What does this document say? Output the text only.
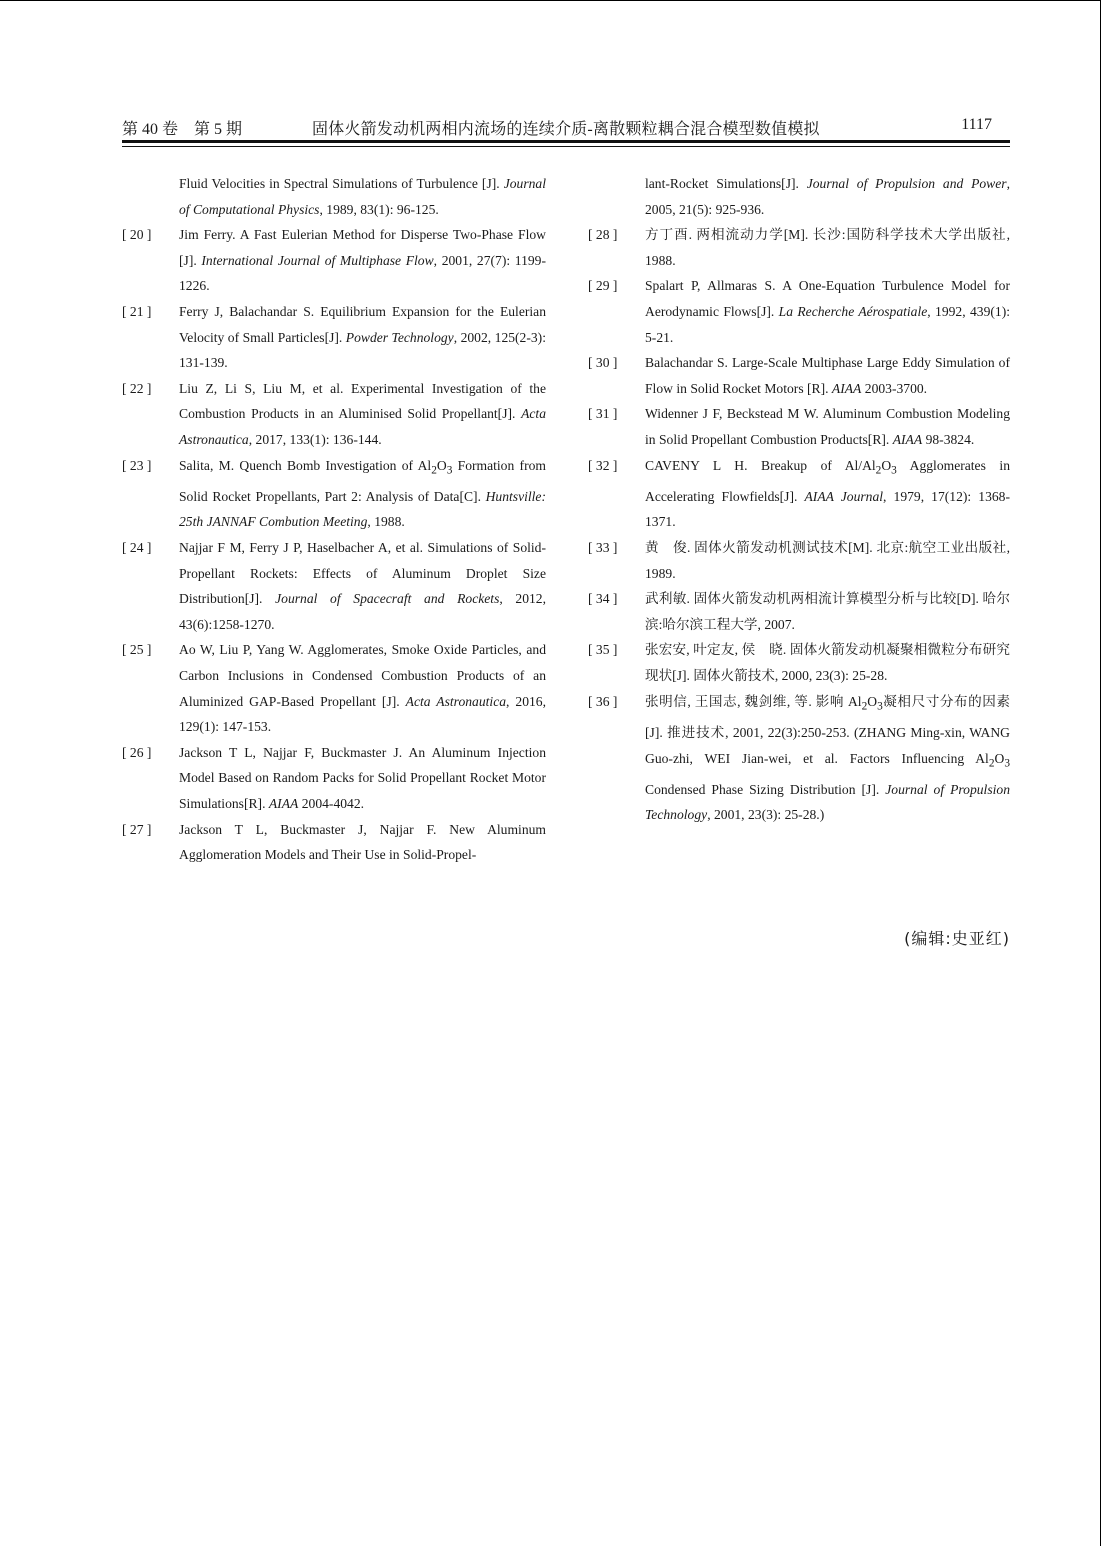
第 40 卷　第 5 期	固体火箭发动机两相内流场的连续介质-离散颗粒耦合混合模型数值模拟	1117
Fluid Velocities in Spectral Simulations of Turbulence [J]. Journal of Computational Physics, 1989, 83(1): 96-125.
[ 20 ] Jim Ferry. A Fast Eulerian Method for Disperse Two-Phase Flow [J]. International Journal of Multiphase Flow, 2001, 27(7): 1199-1226.
[ 21 ] Ferry J, Balachandar S. Equilibrium Expansion for the Eulerian Velocity of Small Particles[J]. Powder Technology, 2002, 125(2-3): 131-139.
[ 22 ] Liu Z, Li S, Liu M, et al. Experimental Investigation of the Combustion Products in an Aluminised Solid Propellant[J]. Acta Astronautica, 2017, 133(1): 136-144.
[ 23 ] Salita, M. Quench Bomb Investigation of $Al_2O_3$ Formation from Solid Rocket Propellants, Part 2: Analysis of Data[C]. Huntsville: 25th JANNAF Combution Meeting, 1988.
[ 24 ] Najjar F M, Ferry J P, Haselbacher A, et al. Simulations of Solid-Propellant Rockets: Effects of Aluminum Droplet Size Distribution[J]. Journal of Spacecraft and Rockets, 2012, 43(6):1258-1270.
[ 25 ] Ao W, Liu P, Yang W. Agglomerates, Smoke Oxide Particles, and Carbon Inclusions in Condensed Combustion Products of an Aluminized GAP-Based Propellant [J]. Acta Astronautica, 2016, 129(1): 147-153.
[ 26 ] Jackson T L, Najjar F, Buckmaster J. An Aluminum Injection Model Based on Random Packs for Solid Propellant Rocket Motor Simulations[R]. AIAA 2004-4042.
[ 27 ] Jackson T L, Buckmaster J, Najjar F. New Aluminum Agglomeration Models and Their Use in Solid-Propel-
lant-Rocket Simulations[J]. Journal of Propulsion and Power, 2005, 21(5): 925-936.
[ 28 ] 方丁酉. 两相流动力学[M]. 长沙:国防科学技术大学出版社, 1988.
[ 29 ] Spalart P, Allmaras S. A One-Equation Turbulence Model for Aerodynamic Flows[J]. La Recherche Aérospatiale, 1992, 439(1): 5-21.
[ 30 ] Balachandar S. Large-Scale Multiphase Large Eddy Simulation of Flow in Solid Rocket Motors [R]. AIAA 2003-3700.
[ 31 ] Widenner J F, Beckstead M W. Aluminum Combustion Modeling in Solid Propellant Combustion Products[R]. AIAA 98-3824.
[ 32 ] CAVENY L H. Breakup of $Al/Al_2O_3$ Agglomerates in Accelerating Flowfields[J]. AIAA Journal, 1979, 17(12): 1368-1371.
[ 33 ] 黄　俊. 固体火箭发动机测试技术[M]. 北京:航空工业出版社, 1989.
[ 34 ] 武利敏. 固体火箭发动机两相流计算模型分析与比较[D]. 哈尔滨:哈尔滨工程大学, 2007.
[ 35 ] 张宏安, 叶定友, 侯　晓. 固体火箭发动机凝聚相微粒分布研究现状[J]. 固体火箭技术, 2000, 23(3): 25-28.
[ 36 ] 张明信, 王国志, 魏剑维, 等. 影响 $Al_2O_3$凝相尺寸分布的因素[J]. 推进技术, 2001, 22(3):250-253. (ZHANG Ming-xin, WANG Guo-zhi, WEI Jian-wei, et al. Factors Influencing $Al_2O_3$ Condensed Phase Sizing Distribution [J]. Journal of Propulsion Technology, 2001, 23(3): 25-28.)
(编辑:史亚红)
